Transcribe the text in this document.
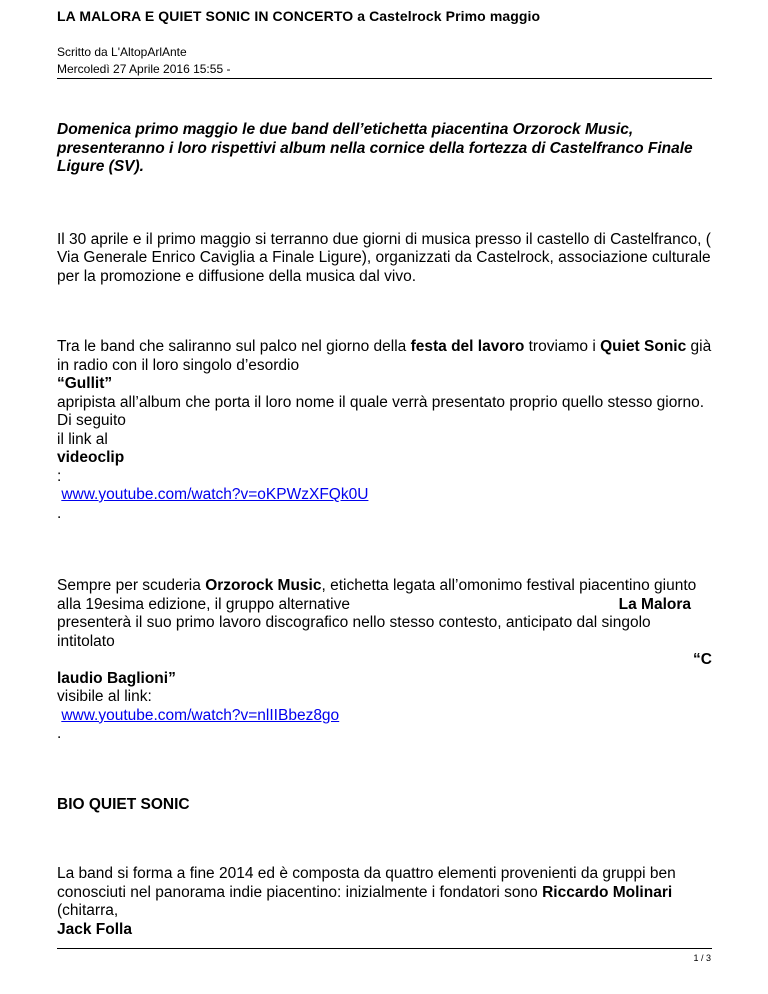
LA MALORA E QUIET SONIC IN CONCERTO a Castelrock Primo maggio
Scritto da L'AltopArlAnte
Mercoledì 27 Aprile 2016 15:55 -

Domenica primo maggio le due band dell’etichetta piacentina Orzorock Music, presenteranno i loro rispettivi album nella cornice della fortezza di Castelfranco Finale Ligure (SV).

Il 30 aprile e il primo maggio si terranno due giorni di musica presso il castello di Castelfranco, ( Via Generale Enrico Caviglia a Finale Ligure), organizzati da Castelrock, associazione culturale per la promozione e diffusione della musica dal vivo.

Tra le band che saliranno sul palco nel giorno della festa del lavoro troviamo i Quiet Sonic già in radio con il loro singolo d’esordio
“Gullit”
apripista all’album che porta il loro nome il quale verrà presentato proprio quello stesso giorno.
Di seguito
il link al
videoclip
:
www.youtube.com/watch?v=oKPWzXFQk0U
.
Sempre per scuderia Orzorock Music, etichetta legata all’omonimo festival piacentino giunto alla 19esima edizione, il gruppo alternative	La Malora
presenterà il suo primo lavoro discografico nello stesso contesto, anticipato dal singolo intitolato
“C
laudio Baglioni”
visibile al link:
www.youtube.com/watch?v=nlIIBbez8go
.
BIO QUIET SONIC
La band si forma a fine 2014 ed è composta da quattro elementi provenienti da gruppi ben conosciuti nel panorama indie piacentino: inizialmente i fondatori sono Riccardo Molinari
(chitarra,
Jack Folla
1 / 3
